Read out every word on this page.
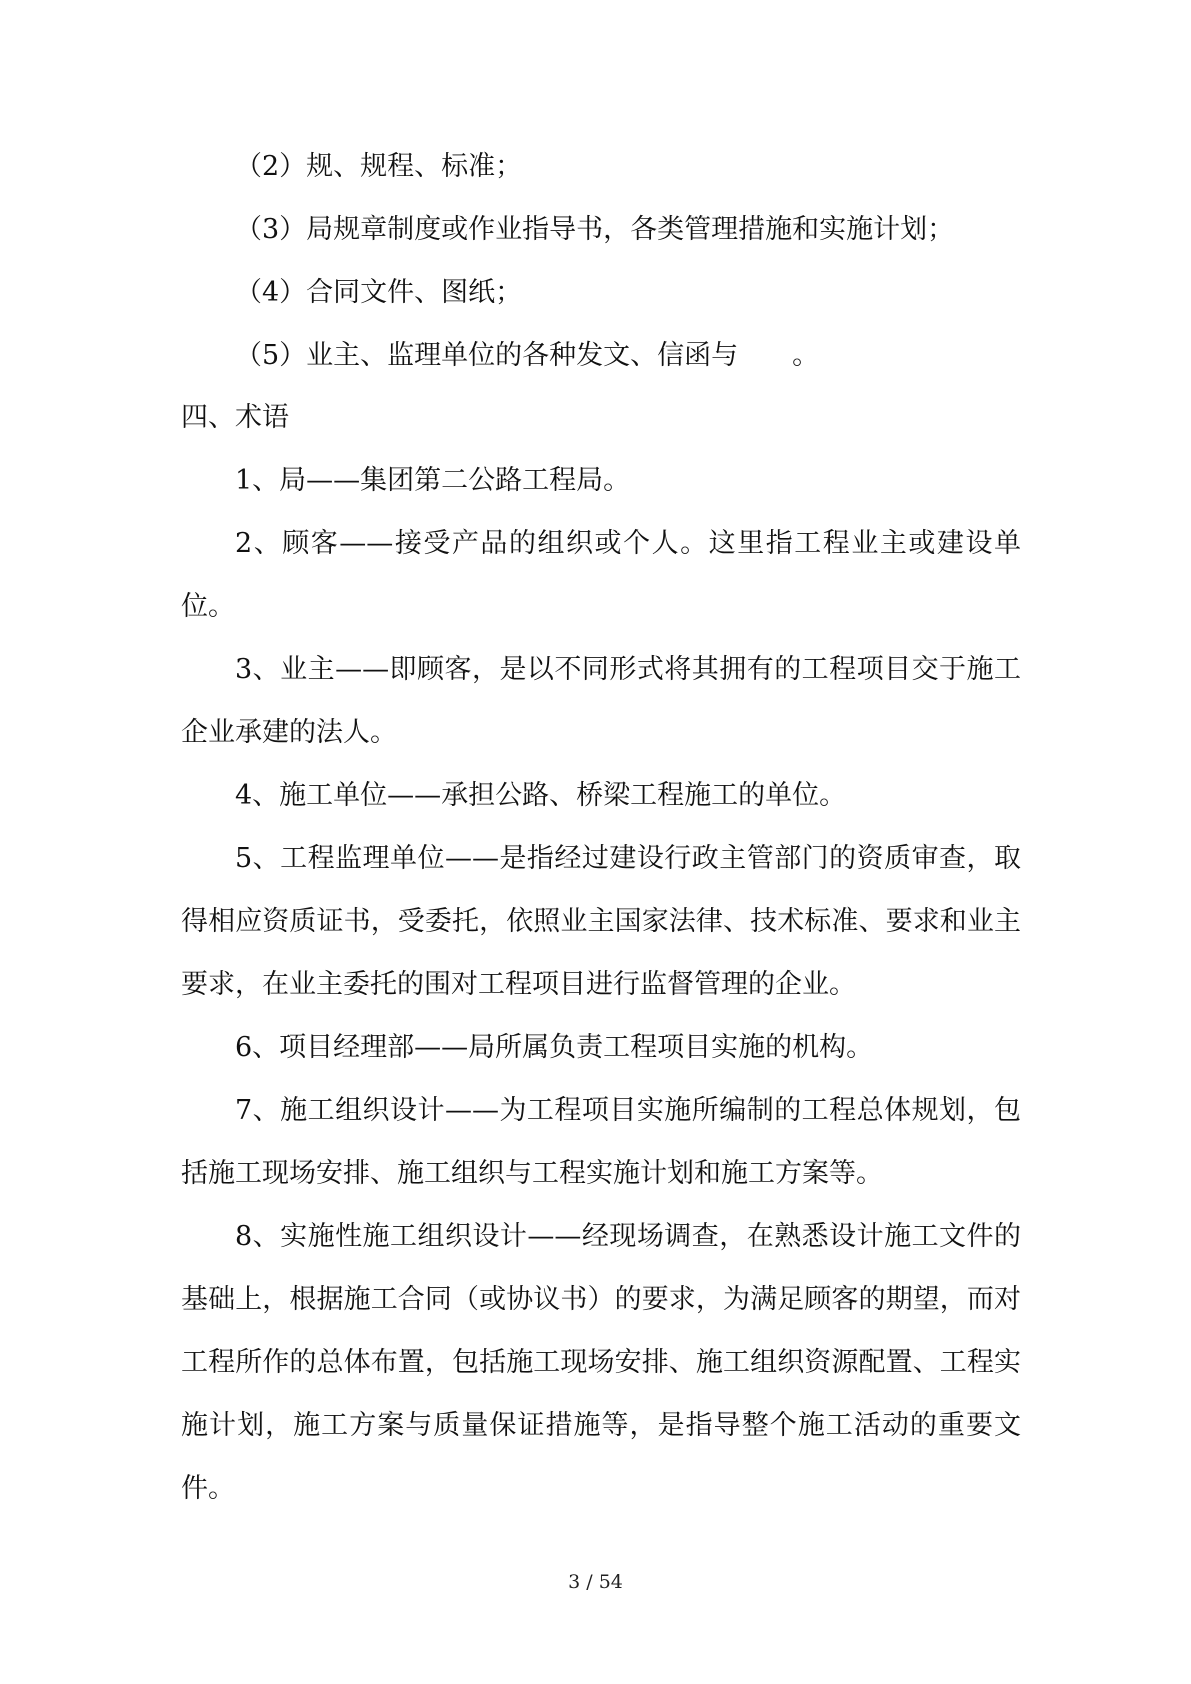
（2）规、规程、标准；

（3）局规章制度或作业指导书，各类管理措施和实施计划；

（4）合同文件、图纸；

（5）业主、监理单位的各种发文、信函与　　。

四、术语

1、局——集团第二公路工程局。

2、顾客——接受产品的组织或个人。这里指工程业主或建设单位。

3、业主——即顾客，是以不同形式将其拥有的工程项目交于施工企业承建的法人。

4、施工单位——承担公路、桥梁工程施工的单位。

5、工程监理单位——是指经过建设行政主管部门的资质审查，取得相应资质证书，受委托，依照业主国家法律、技术标准、要求和业主要求，在业主委托的围对工程项目进行监督管理的企业。

6、项目经理部——局所属负责工程项目实施的机构。

7、施工组织设计——为工程项目实施所编制的工程总体规划，包括施工现场安排、施工组织与工程实施计划和施工方案等。

8、实施性施工组织设计——经现场调查，在熟悉设计施工文件的基础上，根据施工合同（或协议书）的要求，为满足顾客的期望，而对工程所作的总体布置，包括施工现场安排、施工组织资源配置、工程实施计划，施工方案与质量保证措施等，是指导整个施工活动的重要文件。

3 / 54
